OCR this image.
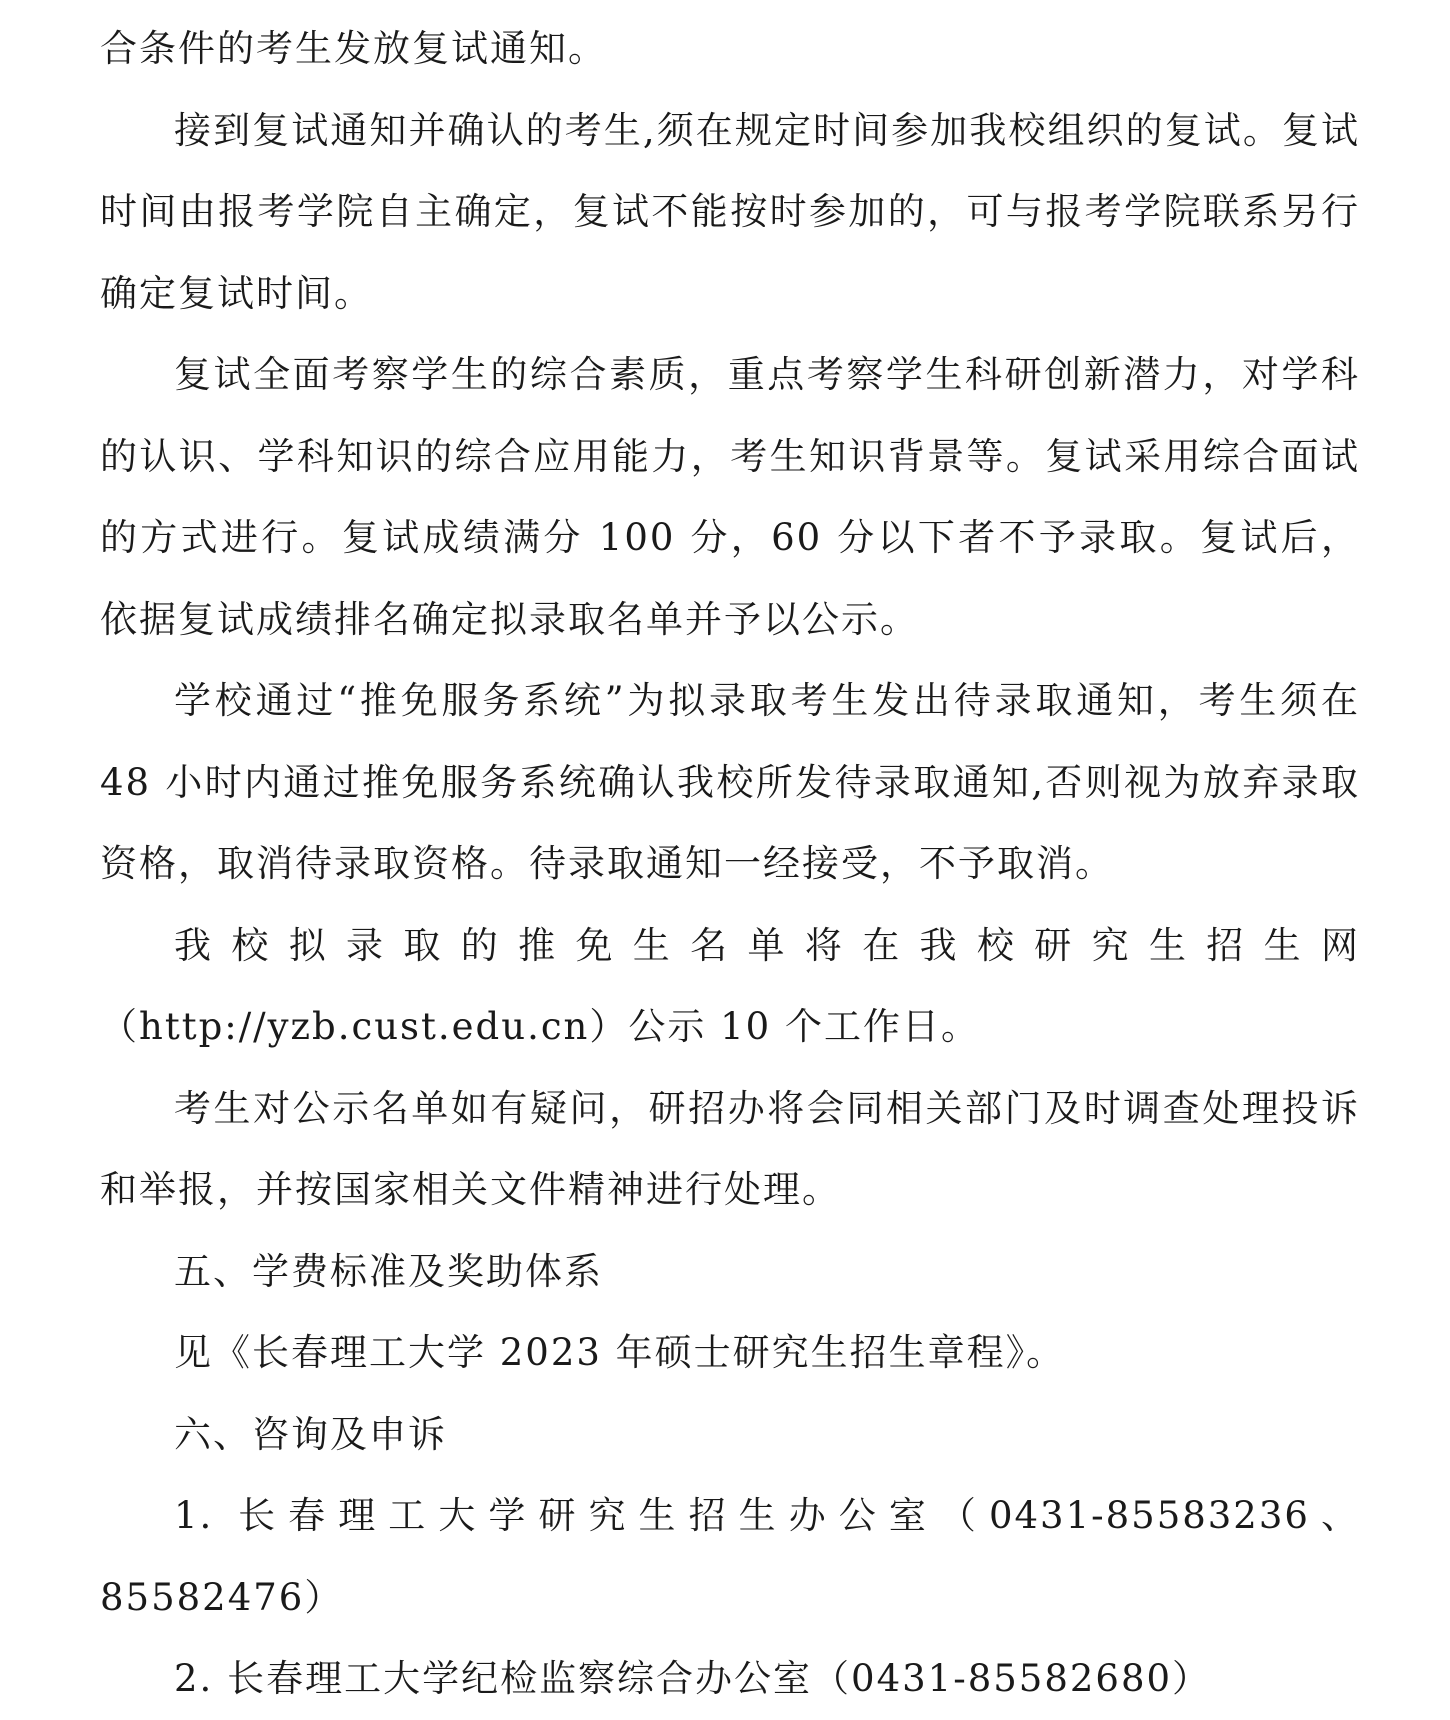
合条件的考生发放复试通知。

接到复试通知并确认的考生,须在规定时间参加我校组织的复试。复试时间由报考学院自主确定，复试不能按时参加的，可与报考学院联系另行确定复试时间。

复试全面考察学生的综合素质，重点考察学生科研创新潜力，对学科的认识、学科知识的综合应用能力，考生知识背景等。复试采用综合面试的方式进行。复试成绩满分 100 分，60 分以下者不予录取。复试后，依据复试成绩排名确定拟录取名单并予以公示。

学校通过“推免服务系统”为拟录取考生发出待录取通知，考生须在 48 小时内通过推免服务系统确认我校所发待录取通知,否则视为放弃录取资格，取消待录取资格。待录取通知一经接受，不予取消。

我校拟录取的推免生名单将在我校研究生招生网（http://yzb.cust.edu.cn）公示 10 个工作日。

考生对公示名单如有疑问，研招办将会同相关部门及时调查处理投诉和举报，并按国家相关文件精神进行处理。

五、学费标准及奖助体系

见《长春理工大学 2023 年硕士研究生招生章程》。

六、咨询及申诉

1. 长春理工大学研究生招生办公室（0431-85583236、85582476）

2. 长春理工大学纪检监察综合办公室（0431-85582680）
